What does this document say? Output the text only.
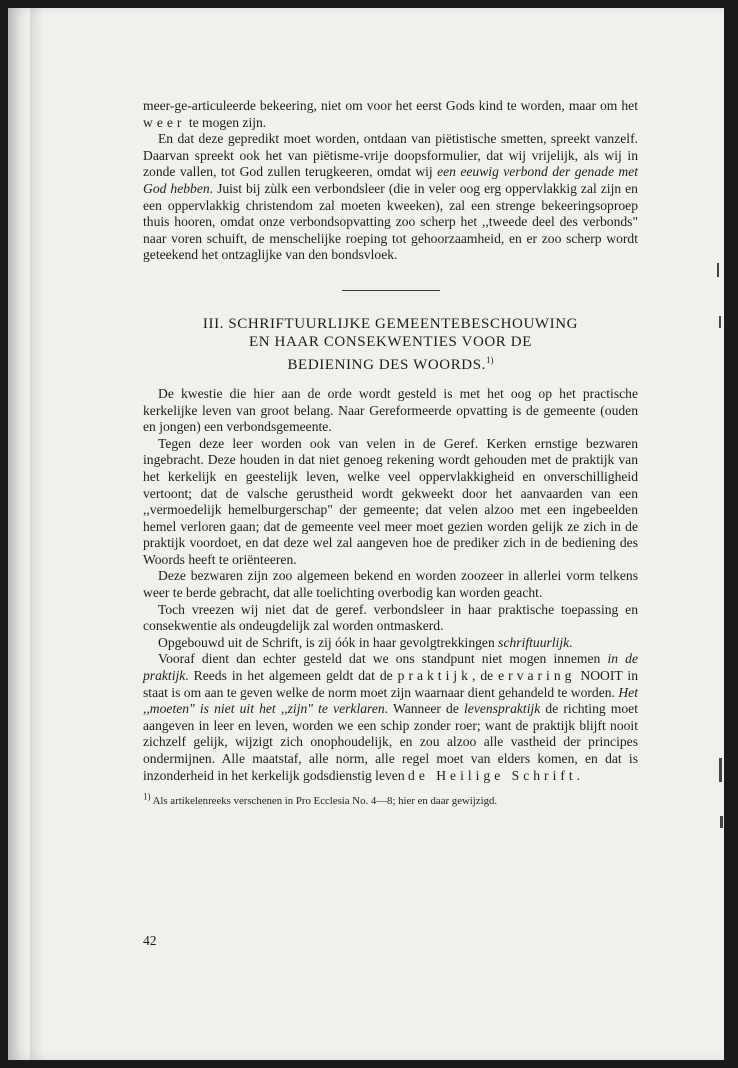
meer-ge-articuleerde bekeering, niet om voor het eerst Gods kind te worden, maar om het weer te mogen zijn.

En dat deze gepredikt moet worden, ontdaan van piëtistische smetten, spreekt vanzelf. Daarvan spreekt ook het van piëtisme-vrije doopsformulier, dat wij vrijelijk, als wij in zonde vallen, tot God zullen terugkeeren, omdat wij een eeuwig verbond der genade met God hebben. Juist bij zùlk een verbondsleer (die in veler oog erg oppervlakkig zal zijn en een oppervlakkig christendom zal moeten kweeken), zal een strenge bekeeringsoproep thuis hooren, omdat onze verbondsopvatting zoo scherp het ,,tweede deel des verbonds" naar voren schuift, de menschelijke roeping tot gehoorzaamheid, en er zoo scherp wordt geteekend het ontzaglijke van den bondsvloek.

III. SCHRIFTUURLIJKE GEMEENTEBESCHOUWING
EN HAAR CONSEKWENTIES VOOR DE
BEDIENING DES WOORDS.$^{1)}$

De kwestie die hier aan de orde wordt gesteld is met het oog op het practische kerkelijke leven van groot belang. Naar Gereformeerde opvatting is de gemeente (ouden en jongen) een verbondsgemeente.

Tegen deze leer worden ook van velen in de Geref. Kerken ernstige bezwaren ingebracht. Deze houden in dat niet genoeg rekening wordt gehouden met de praktijk van het kerkelijk en geestelijk leven, welke veel oppervlakkigheid en onverschilligheid vertoont; dat de valsche gerustheid wordt gekweekt door het aanvaarden van een ,,vermoedelijk hemelburgerschap" der gemeente; dat velen alzoo met een ingebeelden hemel verloren gaan; dat de gemeente veel meer moet gezien worden gelijk ze zich in de praktijk voordoet, en dat deze wel zal aangeven hoe de prediker zich in de bediening des Woords heeft te oriënteeren.

Deze bezwaren zijn zoo algemeen bekend en worden zoozeer in allerlei vorm telkens weer te berde gebracht, dat alle toelichting overbodig kan worden geacht.

Toch vreezen wij niet dat de geref. verbondsleer in haar praktische toepassing en consekwentie als ondeugdelijk zal worden ontmaskerd.

Opgebouwd uit de Schrift, is zij óók in haar gevolgtrekkingen schriftuurlijk.

Vooraf dient dan echter gesteld dat we ons standpunt niet mogen innemen in de praktijk. Reeds in het algemeen geldt dat de praktijk, de ervaring NOOIT in staat is om aan te geven welke de norm moet zijn waarnaar dient gehandeld te worden. Het ,,moeten" is niet uit het ,,zijn" te verklaren. Wanneer de levenspraktijk de richting moet aangeven in leer en leven, worden we een schip zonder roer; want de praktijk blijft nooit zichzelf gelijk, wijzigt zich onophoudelijk, en zou alzoo alle vastheid der principes ondermijnen. Alle maatstaf, alle norm, alle regel moet van elders komen, en dat is inzonderheid in het kerkelijk godsdienstig leven de Heilige Schrift.

$^{1)}$ Als artikelenreeks verschenen in Pro Ecclesia No. 4—8; hier en daar gewijzigd.

42
